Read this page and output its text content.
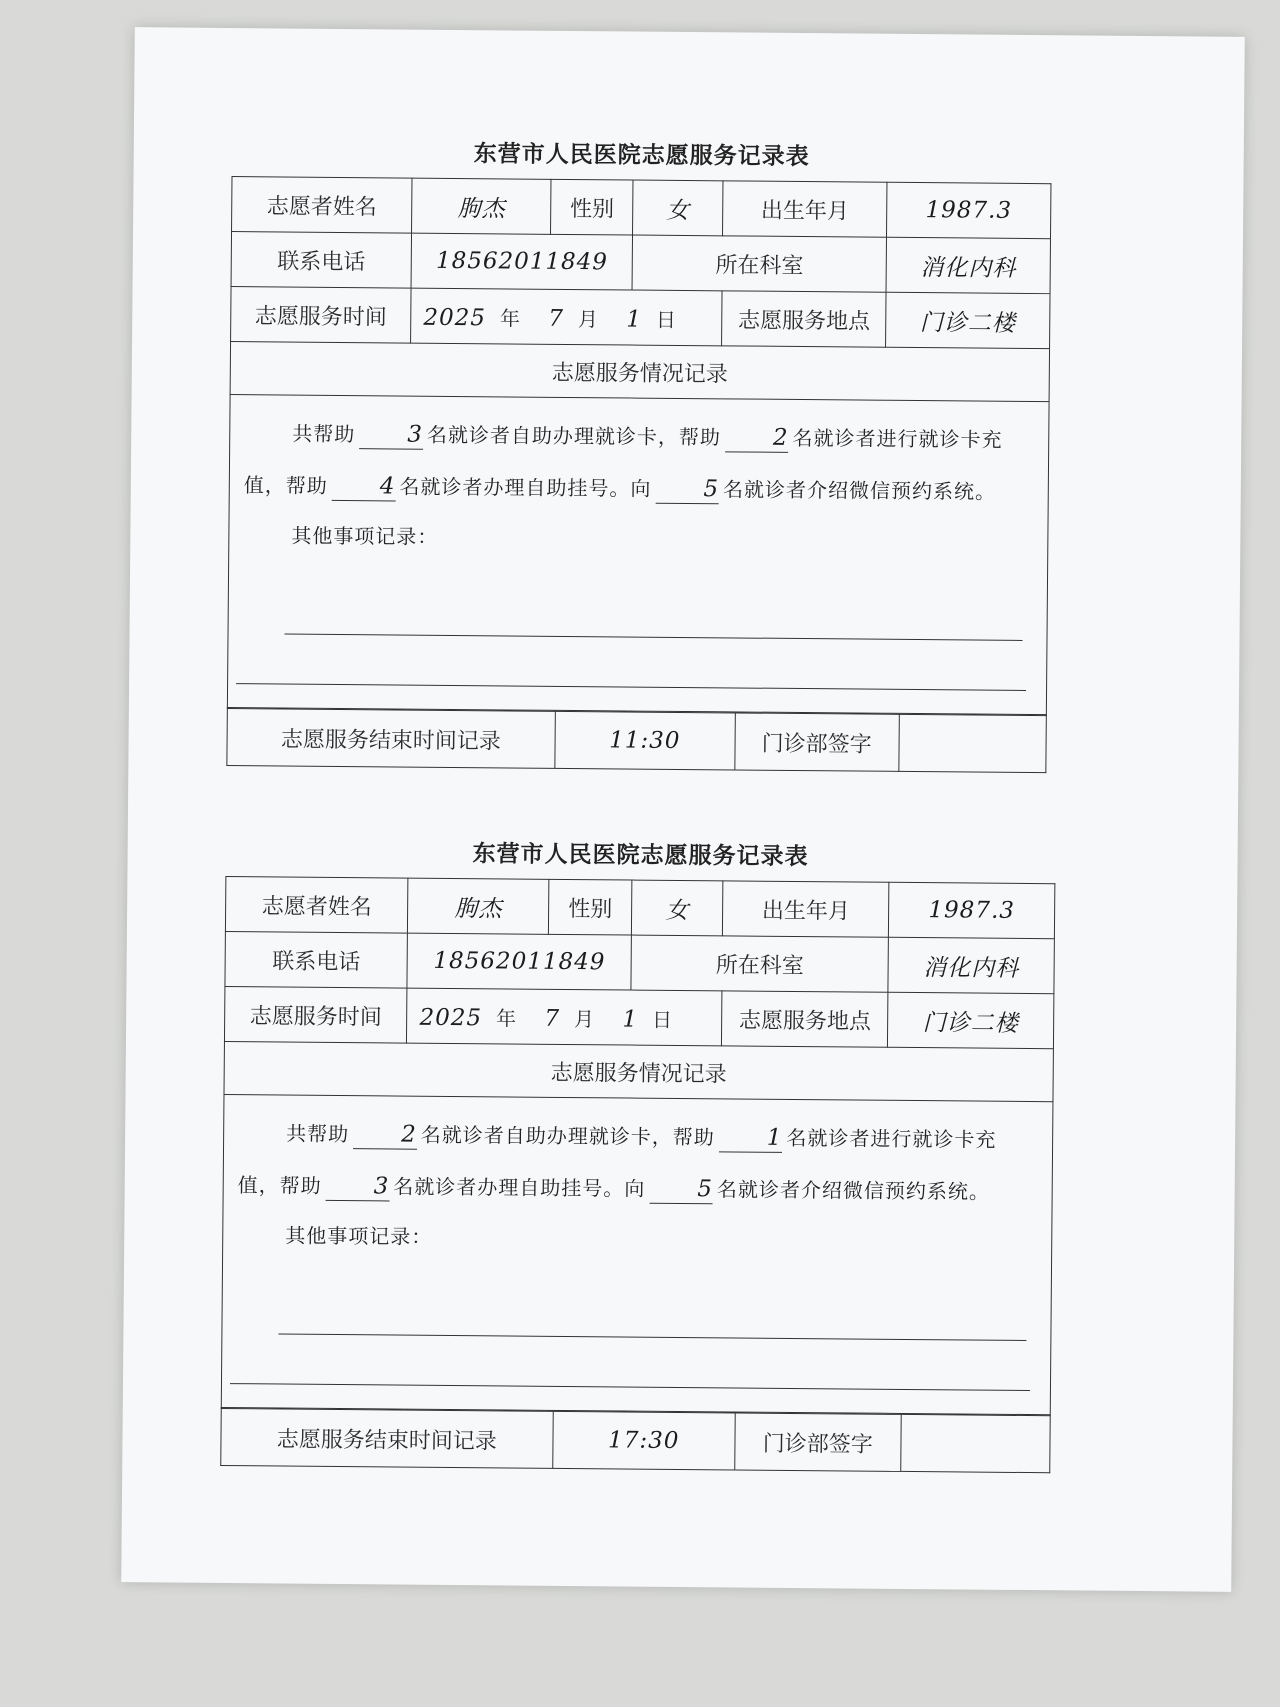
东营市人民医院志愿服务记录表
志愿者姓名	朐杰	性别	女	出生年月	1987.3
联系电话	18562011849		所在科室		消化内科
志愿服务时间	2025 年 7 月 1 日			志愿服务地点	门诊二楼
志愿服务情况记录					

共帮助 3 名就诊者自助办理就诊卡，帮助 2 名就诊者进行就诊卡充值，帮助 4 名就诊者办理自助挂号。向 5 名就诊者介绍微信预约系统。

其他事项记录：					
志愿服务结束时间记录	11:30	门诊部签字	
东营市人民医院志愿服务记录表
志愿者姓名	朐杰	性别	女	出生年月	1987.3
联系电话	18562011849		所在科室		消化内科
志愿服务时间	2025 年 7 月 1 日			志愿服务地点	门诊二楼
志愿服务情况记录					

共帮助 2 名就诊者自助办理就诊卡，帮助 1 名就诊者进行就诊卡充值，帮助 3 名就诊者办理自助挂号。向 5 名就诊者介绍微信预约系统。

其他事项记录：					
志愿服务结束时间记录	17:30	门诊部签字	
